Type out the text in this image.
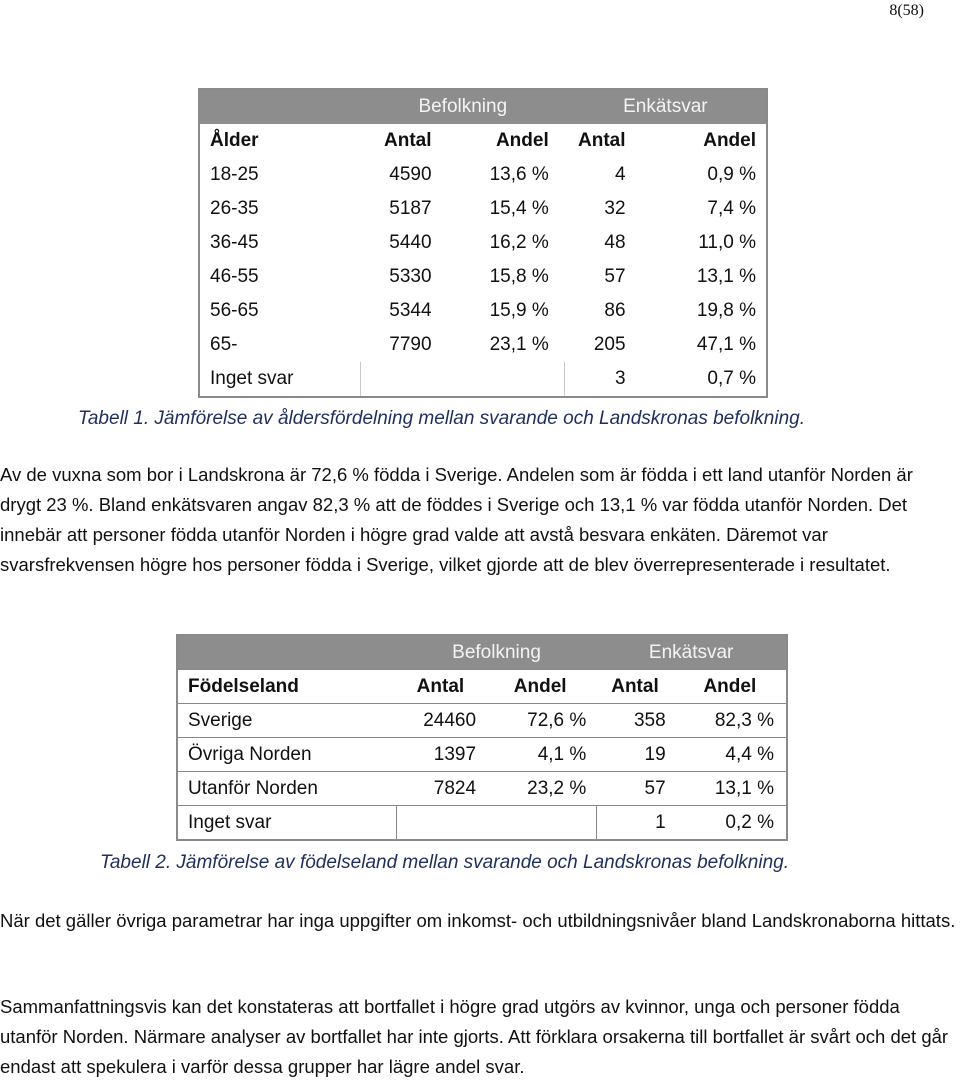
8(58)
	Befolkning		Enkätsvar	
Ålder	Antal	Andel	Antal	Andel
18-25	4590	13,6 %	4	0,9 %
26-35	5187	15,4 %	32	7,4 %
36-45	5440	16,2 %	48	11,0 %
46-55	5330	15,8 %	57	13,1 %
56-65	5344	15,9 %	86	19,8 %
65-	7790	23,1 %	205	47,1 %
Inget svar			3	0,7 %
Tabell 1. Jämförelse av åldersfördelning mellan svarande och Landskronas befolkning.

Av de vuxna som bor i Landskrona är 72,6 % födda i Sverige. Andelen som är födda i ett land utanför Norden är drygt 23 %. Bland enkätsvaren angav 82,3 % att de föddes i Sverige och 13,1 % var födda utanför Norden. Det innebär att personer födda utanför Norden i högre grad valde att avstå besvara enkäten. Däremot var svarsfrekvensen högre hos personer födda i Sverige, vilket gjorde att de blev överrepresenterade i resultatet.

	Befolkning		Enkätsvar	
Födelseland	Antal	Andel	Antal	Andel
Sverige	24460	72,6 %	358	82,3 %
Övriga Norden	1397	4,1 %	19	4,4 %
Utanför Norden	7824	23,2 %	57	13,1 %
Inget svar			1	0,2 %
Tabell 2. Jämförelse av födelseland mellan svarande och Landskronas befolkning.

När det gäller övriga parametrar har inga uppgifter om inkomst- och utbildningsnivåer bland Landskronaborna hittats.

Sammanfattningsvis kan det konstateras att bortfallet i högre grad utgörs av kvinnor, unga och personer födda utanför Norden. Närmare analyser av bortfallet har inte gjorts. Att förklara orsakerna till bortfallet är svårt och det går endast att spekulera i varför dessa grupper har lägre andel svar.
